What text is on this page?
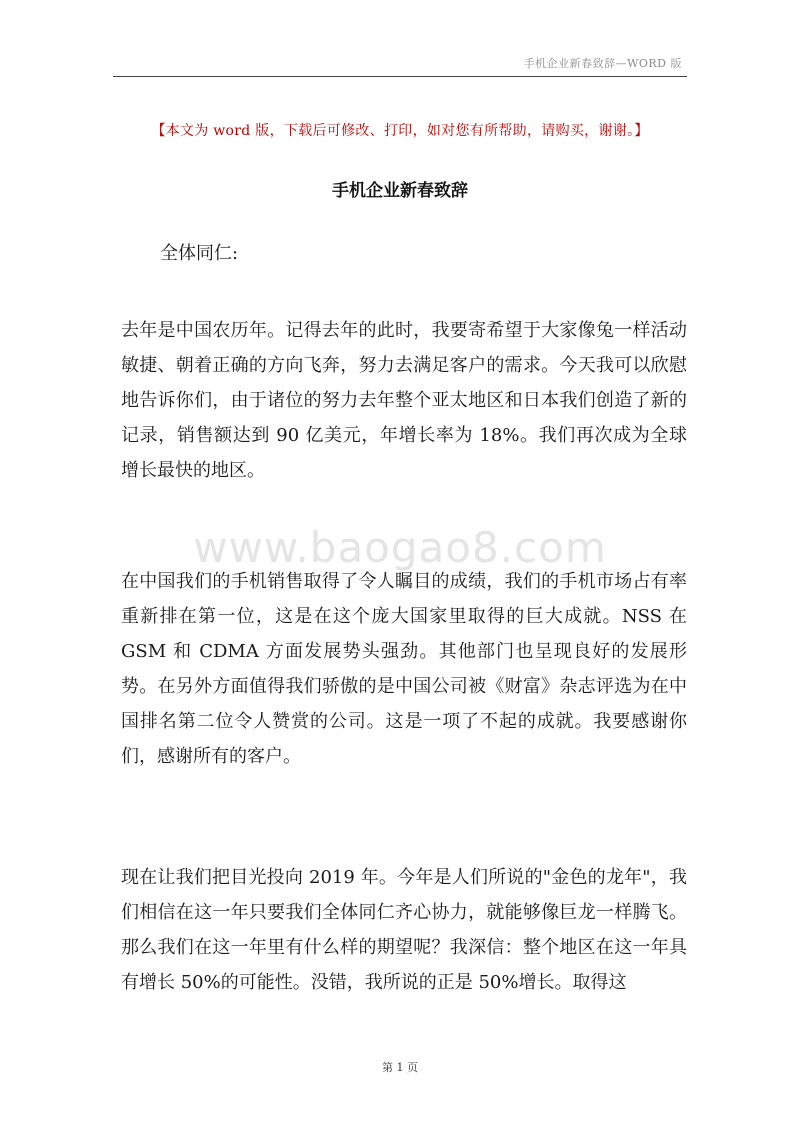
手机企业新春致辞—WORD 版
【本文为 word 版，下载后可修改、打印，如对您有所帮助，请购买，谢谢。】
手机企业新春致辞
全体同仁:

去年是中国农历年。记得去年的此时，我要寄希望于大家像兔一样活动敏捷、朝着正确的方向飞奔，努力去满足客户的需求。今天我可以欣慰地告诉你们，由于诸位的努力去年整个亚太地区和日本我们创造了新的记录，销售额达到 90 亿美元，年增长率为 18%。我们再次成为全球增长最快的地区。

www.baogao8.com

在中国我们的手机销售取得了令人瞩目的成绩，我们的手机市场占有率重新排在第一位，这是在这个庞大国家里取得的巨大成就。NSS 在 GSM 和 CDMA 方面发展势头强劲。其他部门也呈现良好的发展形势。在另外方面值得我们骄傲的是中国公司被《财富》杂志评选为在中国排名第二位令人赞赏的公司。这是一项了不起的成就。我要感谢你们，感谢所有的客户。

现在让我们把目光投向 2019 年。今年是人们所说的"金色的龙年"，我们相信在这一年只要我们全体同仁齐心协力，就能够像巨龙一样腾飞。那么我们在这一年里有什么样的期望呢？我深信：整个地区在这一年具有增长 50%的可能性。没错，我所说的正是 50%增长。取得这

第 1 页
